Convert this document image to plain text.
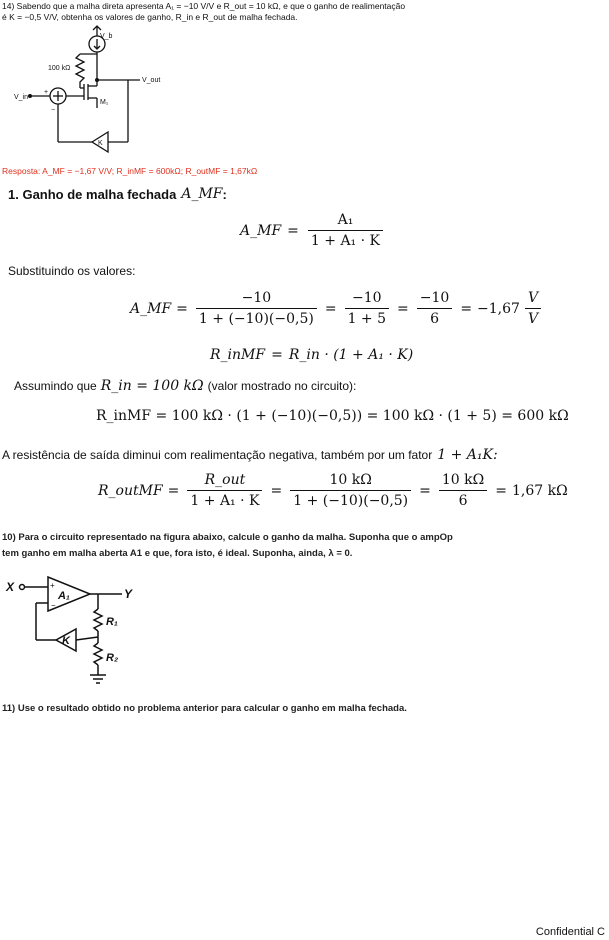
14) Sabendo que a malha direta apresenta A₁ = −10 V/V e R_out = 10 kΩ, e que o ganho de realimentação
é K = −0,5 V/V, obtenha os valores de ganho, R_in e R_out de malha fechada.
V_b
100 kΩ
V_out
V_in
M₁
K
+
−
Resposta: A_MF = −1,67 V/V; R_inMF = 600kΩ; R_outMF = 1,67kΩ
1. Ganho de malha fechada A_MF :
A_MF = $\frac{\text{A₁}}{\text{1 + A₁ · K}}$
Substituindo os valores:
A_MF = $\frac{-10}{1 + (-10)(-0,5)} = \frac{-10}{1 + 5} = \frac{-10}{6} = -1,67 \frac{V}{V}$
R_inMF = R_in · (1 + A₁ · K)
Assumindo que R_in = 100 kΩ (valor mostrado no circuito):
R_inMF = 100 kΩ · (1 + (−10)(−0,5)) = 100 kΩ · (1 + 5) = 600 kΩ
A resistência de saída diminui com realimentação negativa, também por um fator 1 + A₁K:
R_outMF = $\frac{\text{R\_out}}{\text{1 + A₁ · K}} = \frac{10 k\Omega}{1 + (-10)(-0,5)} = \frac{10 k\Omega}{6} = 1,67$ kΩ
10) Para o circuito representado na figura abaixo, calcule o ganho da malha. Suponha que o ampOp
tem ganho em malha aberta A1 e que, fora isto, é ideal. Suponha, ainda, λ = 0.
X	Y
A₁
+
−
K
R₁
R₂
11) Use o resultado obtido no problema anterior para calcular o ganho em malha fechada.
Confidential C
